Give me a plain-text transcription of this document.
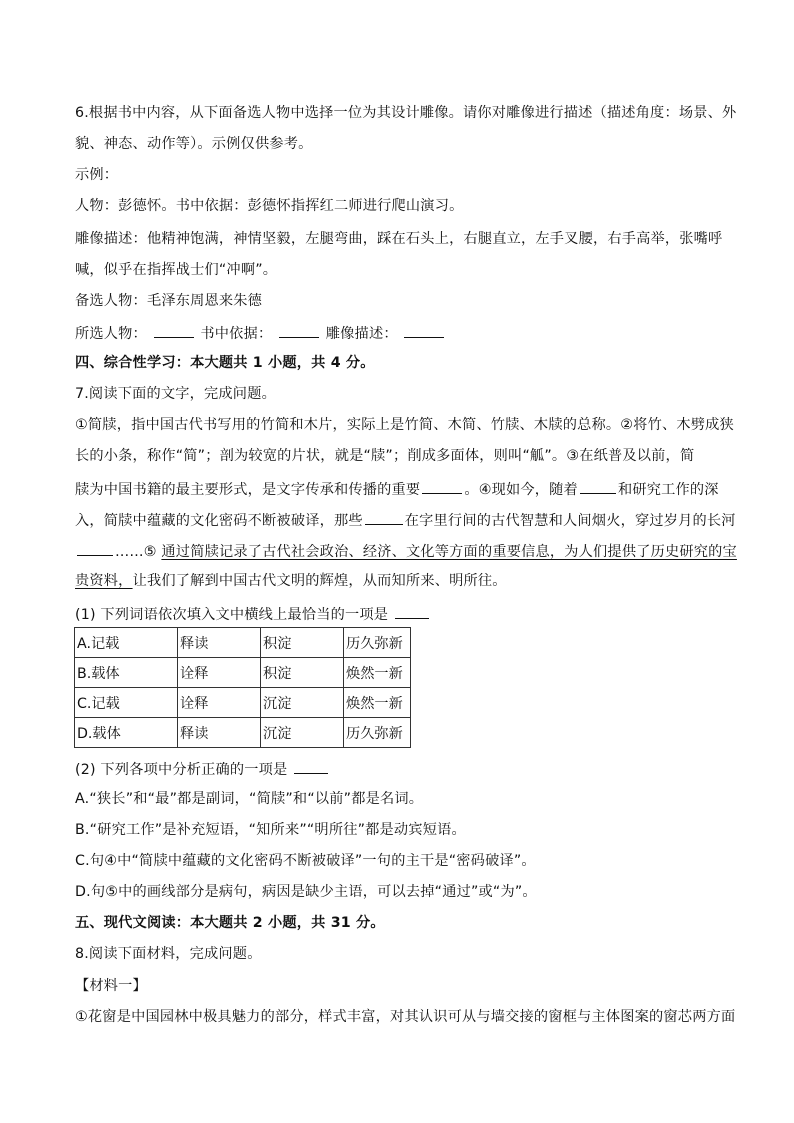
6.根据书中内容，从下面备选人物中选择一位为其设计雕像。请你对雕像进行描述（描述角度：场景、外
貌、神态、动作等）。示例仅供参考。
示例：
人物：彭德怀。书中依据：彭德怀指挥红二师进行爬山演习。
雕像描述：他精神饱满，神情坚毅，左腿弯曲，踩在石头上，右腿直立，左手叉腰，右手高举，张嘴呼
喊，似乎在指挥战士们“冲啊”。
备选人物：毛泽东周恩来朱德
所选人物：	书中依据：	雕像描述：
四、综合性学习：本大题共 1 小题，共 4 分。
7.阅读下面的文字，完成问题。
①简牍，指中国古代书写用的竹简和木片，实际上是竹简、木简、竹牍、木牍的总称。②将竹、木劈成狭
长的小条，称作“简”；剖为较宽的片状，就是“牍”；削成多面体，则叫“觚”。③在纸普及以前，简
牍为中国书籍的最主要形式，是文字传承和传播的重要	。④现如今，随着	和研究工作的深
入，简牍中蕴藏的文化密码不断被破译，那些	在字里行间的古代智慧和人间烟火，穿过岁月的长河
……⑤ 通过简牍记录了古代社会政治、经济、文化等方面的重要信息，为人们提供了历史研究的宝
贵资料，让我们了解到中国古代文明的辉煌，从而知所来、明所往。
(1) 下列词语依次填入文中横线上最恰当的一项是
A.记载	释读	积淀	历久弥新
B.载体	诠释	积淀	焕然一新
C.记载	诠释	沉淀	焕然一新
D.载体	释读	沉淀	历久弥新
(2) 下列各项中分析正确的一项是
A.“狭长”和“最”都是副词，“简牍”和“以前”都是名词。
B.“研究工作”是补充短语，“知所来”“明所往”都是动宾短语。
C.句④中“简牍中蕴藏的文化密码不断被破译”一句的主干是“密码破译”。
D.句⑤中的画线部分是病句，病因是缺少主语，可以去掉“通过”或“为”。
五、现代文阅读：本大题共 2 小题，共 31 分。
8.阅读下面材料，完成问题。
【材料一】
①花窗是中国园林中极具魅力的部分，样式丰富，对其认识可从与墙交接的窗框与主体图案的窗芯两方面
